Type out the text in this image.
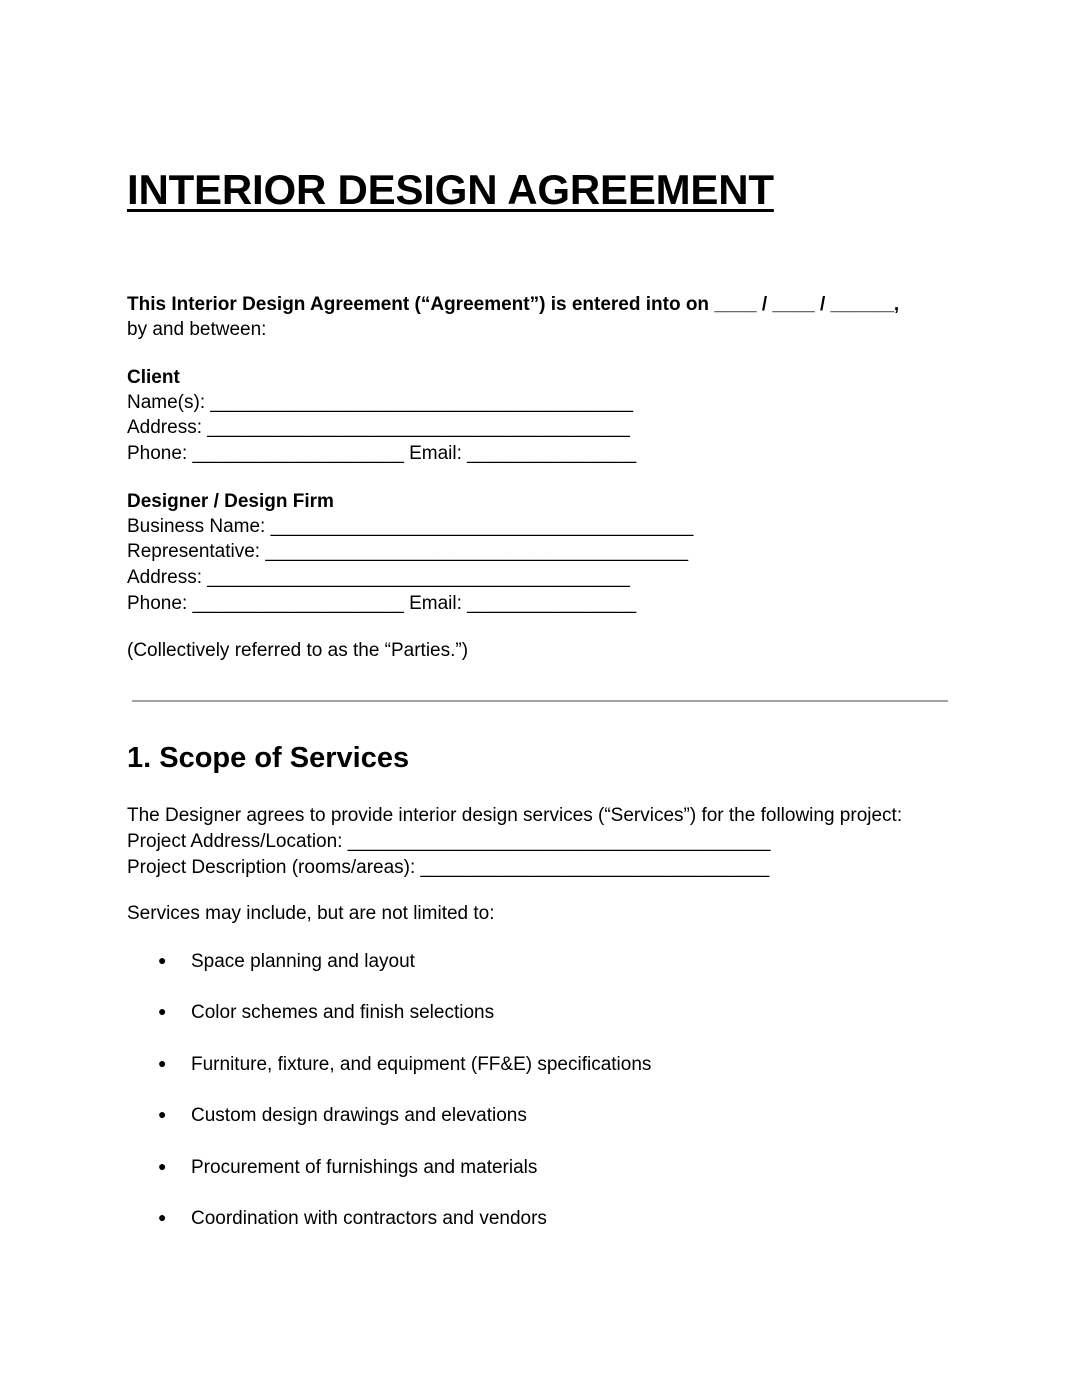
INTERIOR DESIGN AGREEMENT
This Interior Design Agreement (“Agreement”) is entered into on ____ / ____ / ______,
by and between:
Client
Name(s): ________________________________________
Address: ________________________________________
Phone: ____________________ Email: ________________
Designer / Design Firm
Business Name: ________________________________________
Representative: ________________________________________
Address: ________________________________________
Phone: ____________________ Email: ________________
(Collectively referred to as the “Parties.”)
1. Scope of Services
The Designer agrees to provide interior design services (“Services”) for the following project:
Project Address/Location: ________________________________________
Project Description (rooms/areas): _________________________________
Services may include, but are not limited to:
● Space planning and layout
● Color schemes and finish selections
● Furniture, fixture, and equipment (FF&E) specifications
● Custom design drawings and elevations
● Procurement of furnishings and materials
● Coordination with contractors and vendors
